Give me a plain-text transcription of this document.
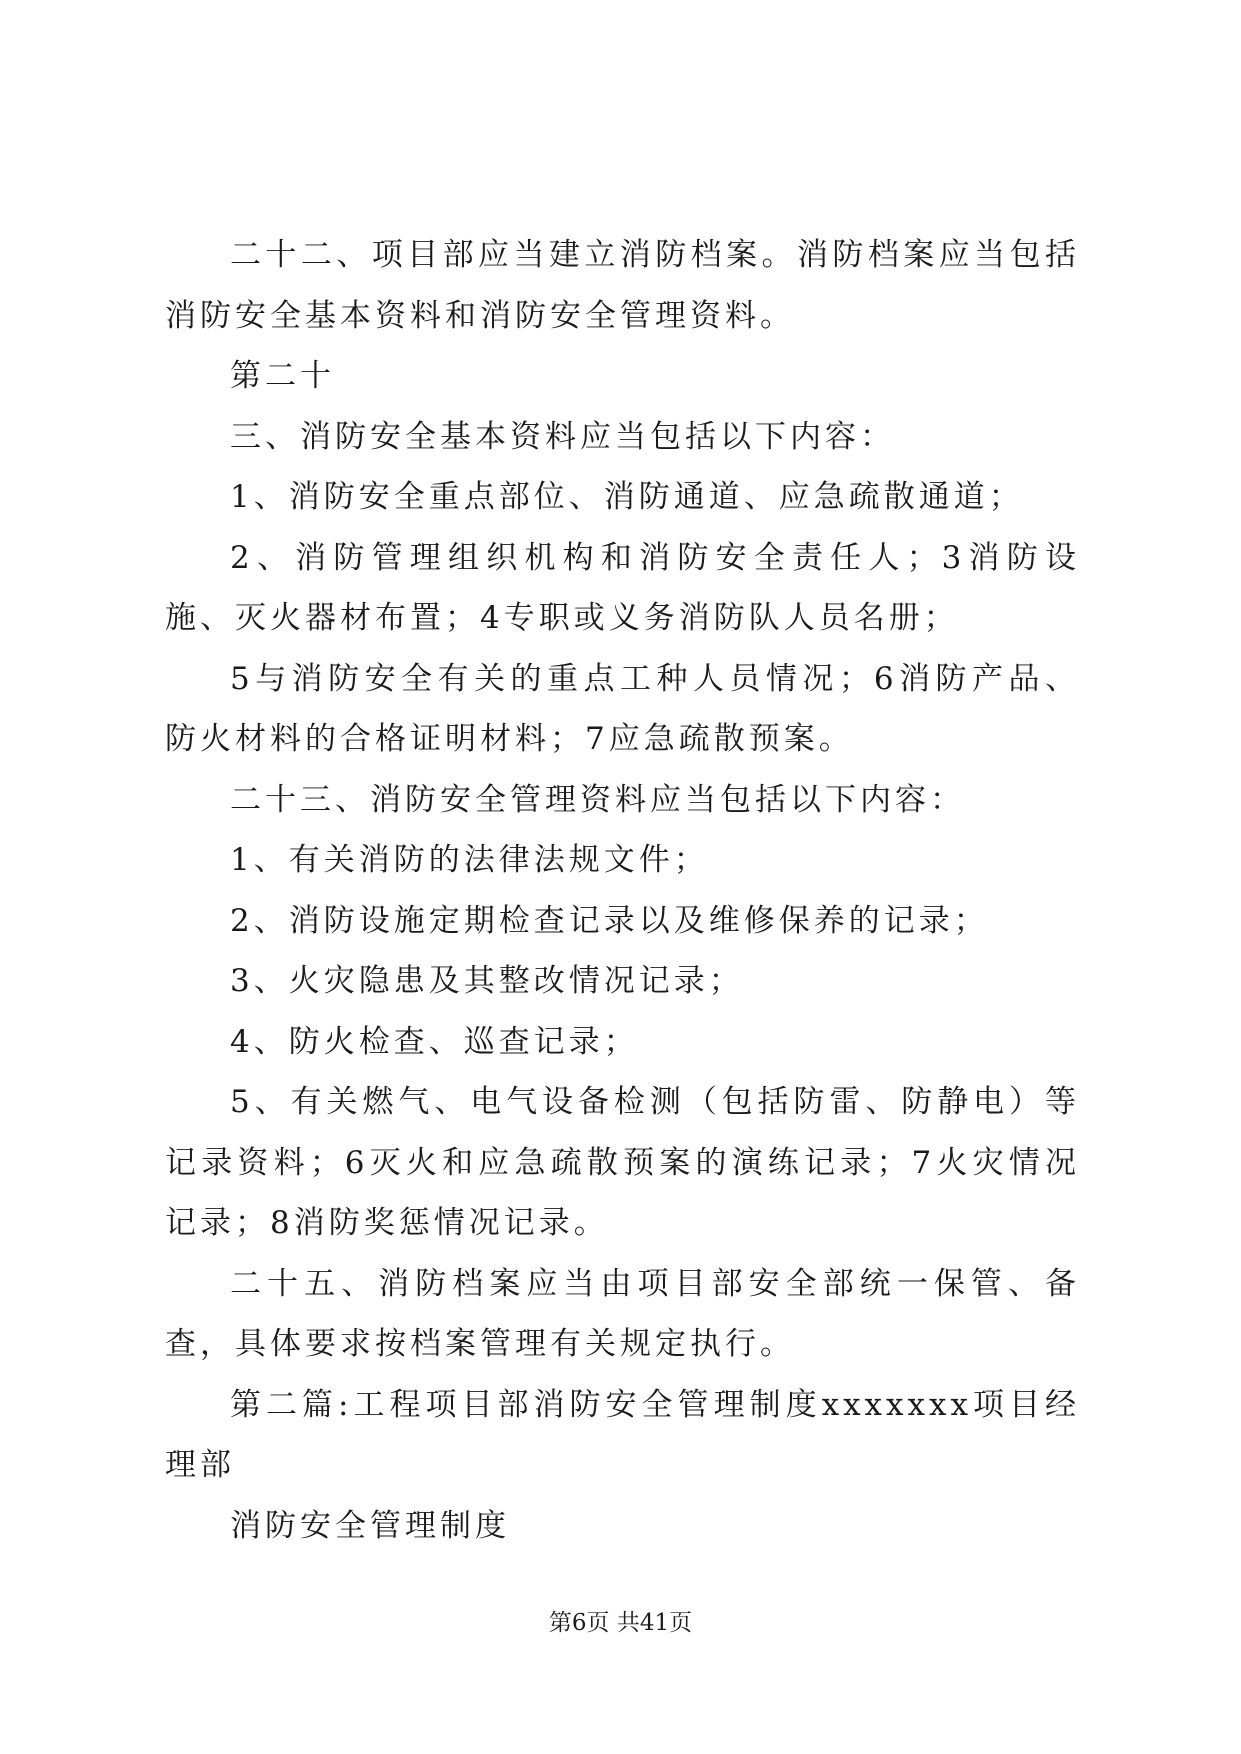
二十二、项目部应当建立消防档案。消防档案应当包括消防安全基本资料和消防安全管理资料。

第二十

三、消防安全基本资料应当包括以下内容：

1、消防安全重点部位、消防通道、应急疏散通道；

2、消防管理组织机构和消防安全责任人；3消防设施、灭火器材布置；4专职或义务消防队人员名册；

5与消防安全有关的重点工种人员情况；6消防产品、防火材料的合格证明材料；7应急疏散预案。

二十三、消防安全管理资料应当包括以下内容：

1、有关消防的法律法规文件；

2、消防设施定期检查记录以及维修保养的记录；

3、火灾隐患及其整改情况记录；

4、防火检查、巡查记录；

5、有关燃气、电气设备检测（包括防雷、防静电）等记录资料；6灭火和应急疏散预案的演练记录；7火灾情况记录；8消防奖惩情况记录。

二十五、消防档案应当由项目部安全部统一保管、备查，具体要求按档案管理有关规定执行。

第二篇:工程项目部消防安全管理制度xxxxxxx项目经理部

消防安全管理制度

第6页 共41页
